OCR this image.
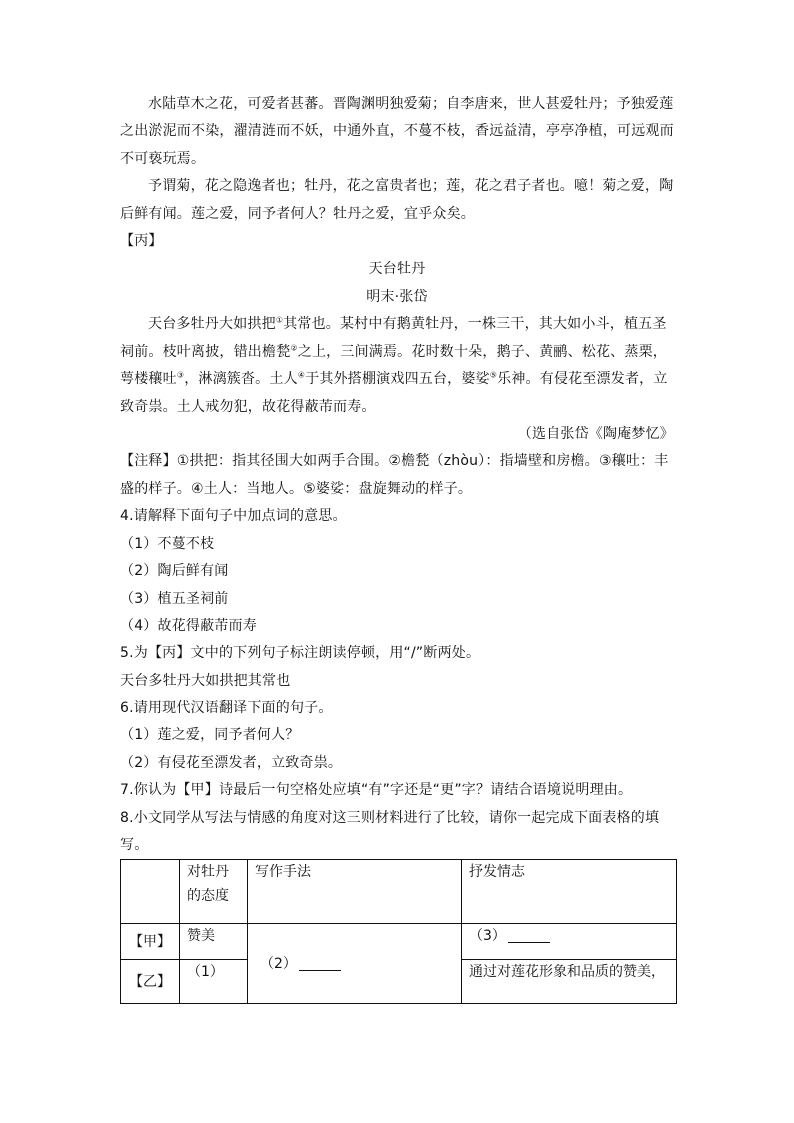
水陆草木之花，可爱者甚蕃。晋陶渊明独爱菊；自李唐来，世人甚爱牡丹；予独爱莲
之出淤泥而不染，濯清涟而不妖，中通外直，不蔓不枝，香远益清，亭亭净植，可远观而
不可亵玩焉。
予谓菊，花之隐逸者也；牡丹，花之富贵者也；莲，花之君子者也。噫！菊之爱，陶
后鲜有闻。莲之爱，同予者何人？牡丹之爱，宜乎众矣。
【丙】
天台牡丹
明末·张岱
天台多牡丹大如拱把①其常也。某村中有鹅黄牡丹，一株三干，其大如小斗，植五圣
祠前。枝叶离披，错出檐甃②之上，三间满焉。花时数十朵，鹅子、黄鹂、松花、蒸栗，
萼楼穰吐③，淋漓簇沓。土人④于其外搭棚演戏四五台，婆娑⑤乐神。有侵花至漂发者，立
致奇祟。土人戒勿犯，故花得蔽芾而寿。
（选自张岱《陶庵梦忆》
【注释】①拱把：指其径围大如两手合围。②檐甃（zhòu）：指墙壁和房檐。③穰吐：丰
盛的样子。④土人：当地人。⑤婆娑：盘旋舞动的样子。
4.请解释下面句子中加点词的意思。
（1）不蔓不枝
（2）陶后鲜有闻
（3）植五圣祠前
（4）故花得蔽芾而寿
5.为【丙】文中的下列句子标注朗读停顿，用“/”断两处。
天台多牡丹大如拱把其常也
6.请用现代汉语翻译下面的句子。
（1）莲之爱，同予者何人？
（2）有侵花至漂发者，立致奇祟。
7.你认为【甲】诗最后一句空格处应填“有”字还是“更”字？请结合语境说明理由。
8.小文同学从写法与情感的角度对这三则材料进行了比较，请你一起完成下面表格的填
写。

	对牡丹
的态度	写作手法	抒发情志

【甲】	赞美	（2）	（3）
【乙】	（1）		通过对莲花形象和品质的赞美，
